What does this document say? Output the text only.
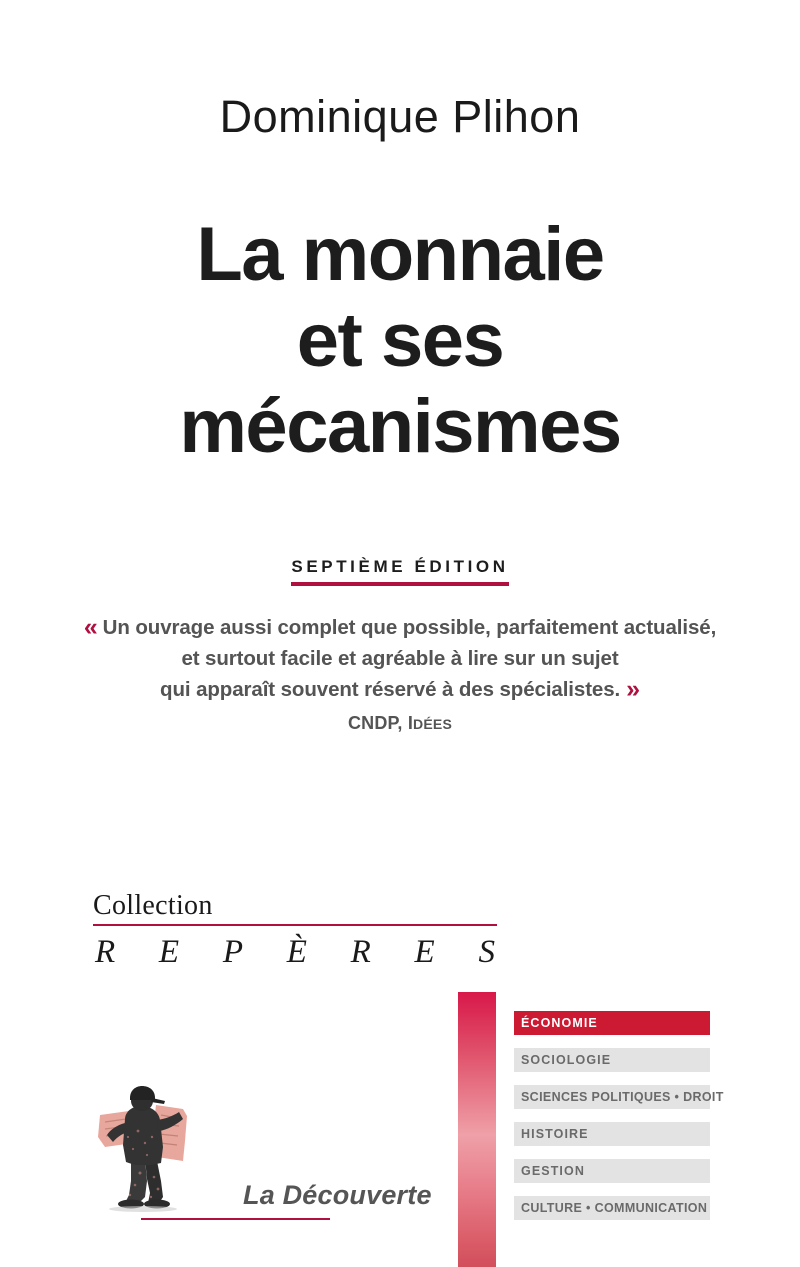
Dominique Plihon
La monnaie
et ses
mécanismes
SEPTIÈME ÉDITION
« Un ouvrage aussi complet que possible, parfaitement actualisé,
et surtout facile et agréable à lire sur un sujet
qui apparaît souvent réservé à des spécialistes. »
CNDP, IDÉES
Collection
R E P È R E S
ÉCONOMIE
SOCIOLOGIE
SCIENCES POLITIQUES • DROIT
HISTOIRE
GESTION
CULTURE • COMMUNICATION
La Découverte
